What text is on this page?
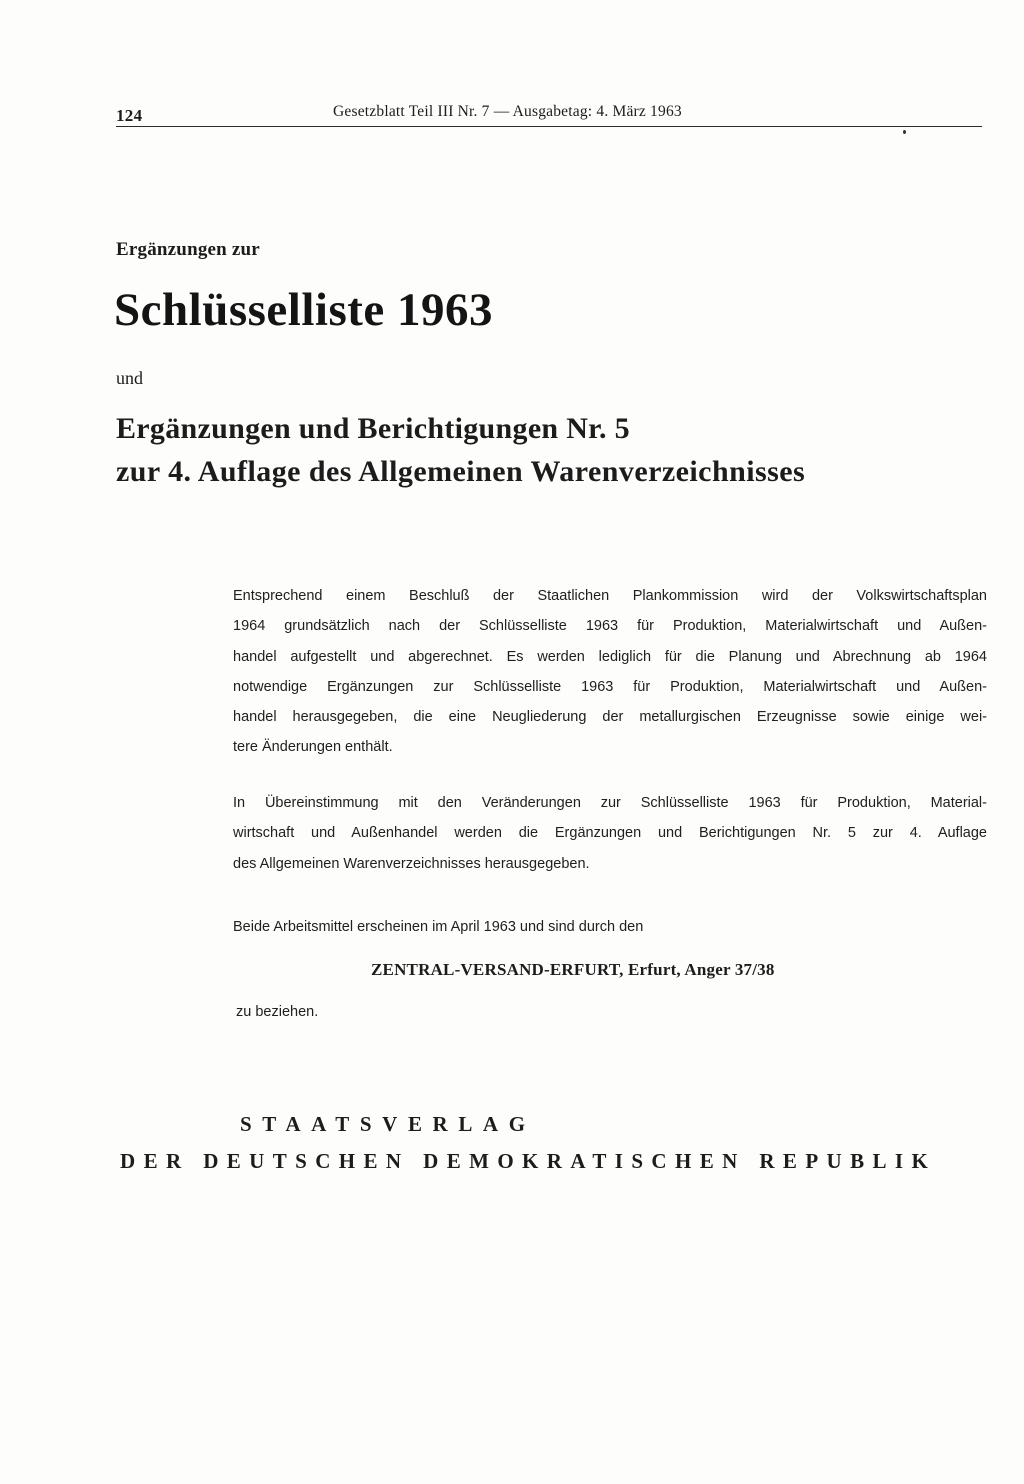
124	Gesetzblatt Teil III Nr. 7 — Ausgabetag: 4. März 1963
Ergänzungen zur
Schlüsselliste 1963
und
Ergänzungen und Berichtigungen Nr. 5
zur 4. Auflage des Allgemeinen Warenverzeichnisses
Entsprechend einem Beschluß der Staatlichen Plankommission wird der Volkswirtschaftsplan
1964 grundsätzlich nach der Schlüsselliste 1963 für Produktion, Materialwirtschaft und Außen-
handel aufgestellt und abgerechnet. Es werden lediglich für die Planung und Abrechnung ab 1964
notwendige Ergänzungen zur Schlüsselliste 1963 für Produktion, Materialwirtschaft und Außen-
handel herausgegeben, die eine Neugliederung der metallurgischen Erzeugnisse sowie einige wei-
tere Änderungen enthält.
In Übereinstimmung mit den Veränderungen zur Schlüsselliste 1963 für Produktion, Material-
wirtschaft und Außenhandel werden die Ergänzungen und Berichtigungen Nr. 5 zur 4. Auflage
des Allgemeinen Warenverzeichnisses herausgegeben.
Beide Arbeitsmittel erscheinen im April 1963 und sind durch den
ZENTRAL-VERSAND-ERFURT, Erfurt, Anger 37/38
zu beziehen.
STAATSVERLAG
DER DEUTSCHEN DEMOKRATISCHEN REPUBLIK
